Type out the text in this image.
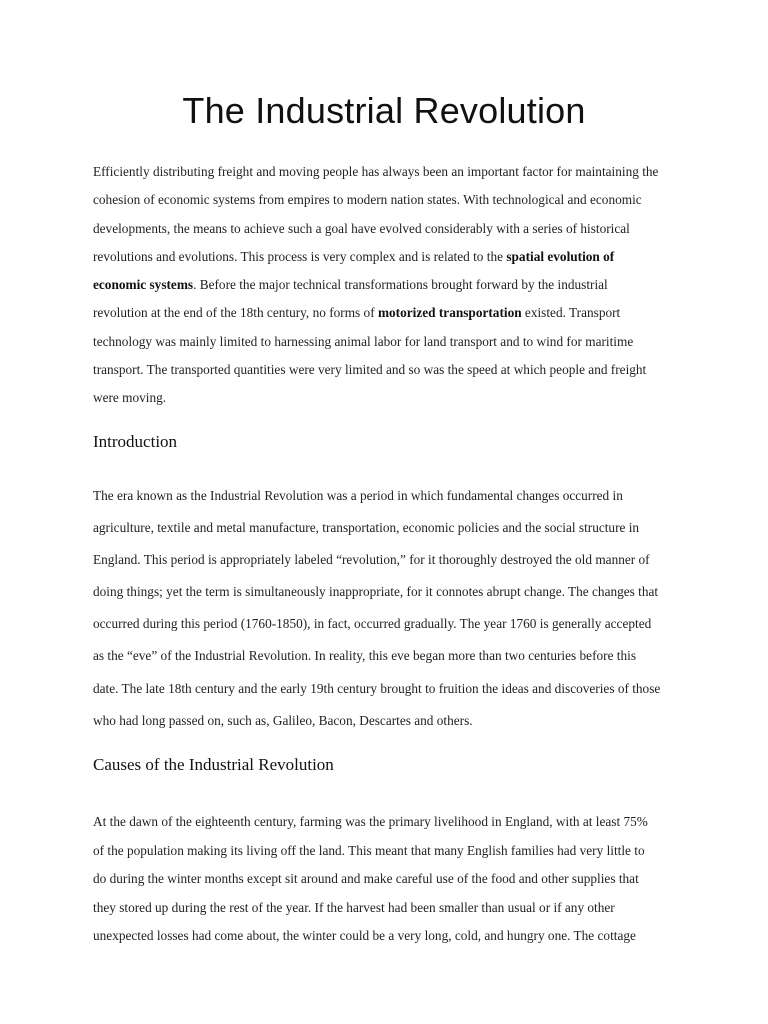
The Industrial Revolution

Efficiently distributing freight and moving people has always been an important factor for maintaining the
cohesion of economic systems from empires to modern nation states. With technological and economic
developments, the means to achieve such a goal have evolved considerably with a series of historical
revolutions and evolutions. This process is very complex and is related to the spatial evolution of
economic systems. Before the major technical transformations brought forward by the industrial
revolution at the end of the 18th century, no forms of motorized transportation existed. Transport
technology was mainly limited to harnessing animal labor for land transport and to wind for maritime
transport. The transported quantities were very limited and so was the speed at which people and freight
were moving.

Introduction

The era known as the Industrial Revolution was a period in which fundamental changes occurred in
agriculture, textile and metal manufacture, transportation, economic policies and the social structure in
England. This period is appropriately labeled “revolution,” for it thoroughly destroyed the old manner of
doing things; yet the term is simultaneously inappropriate, for it connotes abrupt change. The changes that
occurred during this period (1760-1850), in fact, occurred gradually. The year 1760 is generally accepted
as the “eve” of the Industrial Revolution. In reality, this eve began more than two centuries before this
date. The late 18th century and the early 19th century brought to fruition the ideas and discoveries of those
who had long passed on, such as, Galileo, Bacon, Descartes and others.

Causes of the Industrial Revolution

At the dawn of the eighteenth century, farming was the primary livelihood in England, with at least 75%
of the population making its living off the land. This meant that many English families had very little to
do during the winter months except sit around and make careful use of the food and other supplies that
they stored up during the rest of the year. If the harvest had been smaller than usual or if any other
unexpected losses had come about, the winter could be a very long, cold, and hungry one. The cottage
